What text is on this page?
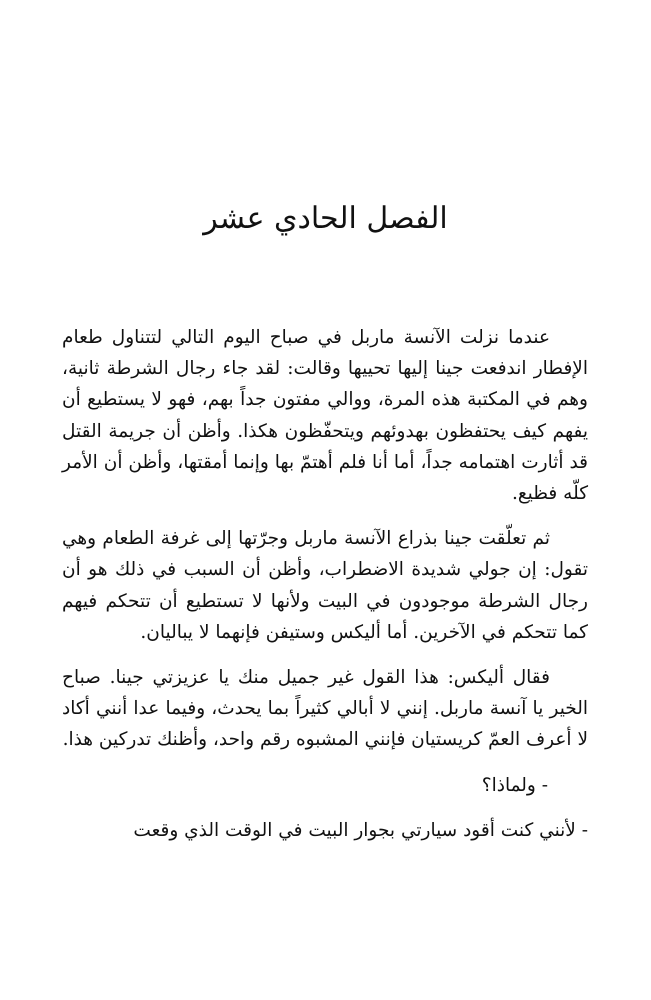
الفصل الحادي عشر

عندما نزلت الآنسة ماربل في صباح اليوم التالي لتتناول طعام الإفطار اندفعت جينا إليها تحييها وقالت: لقد جاء رجال الشرطة ثانية، وهم في المكتبة هذه المرة، ووالي مفتون جداً بهم، فهو لا يستطيع أن يفهم كيف يحتفظون بهدوئهم ويتحفّظون هكذا. وأظن أن جريمة القتل قد أثارت اهتمامه جداً، أما أنا فلم أهتمّ بها وإنما أمقتها، وأظن أن الأمر كلّه فظيع.

ثم تعلّقت جينا بذراع الآنسة ماربل وجرّتها إلى غرفة الطعام وهي تقول: إن جولي شديدة الاضطراب، وأظن أن السبب في ذلك هو أن رجال الشرطة موجودون في البيت ولأنها لا تستطيع أن تتحكم فيهم كما تتحكم في الآخرين. أما أليكس وستيفن فإنهما لا يباليان.

فقال أليكس: هذا القول غير جميل منك يا عزيزتي جينا. صباح الخير يا آنسة ماربل. إنني لا أبالي كثيراً بما يحدث، وفيما عدا أنني أكاد لا أعرف العمّ كريستيان فإنني المشبوه رقم واحد، وأظنك تدركين هذا.

- ولماذا؟

- لأنني كنت أقود سيارتي بجوار البيت في الوقت الذي وقعت
